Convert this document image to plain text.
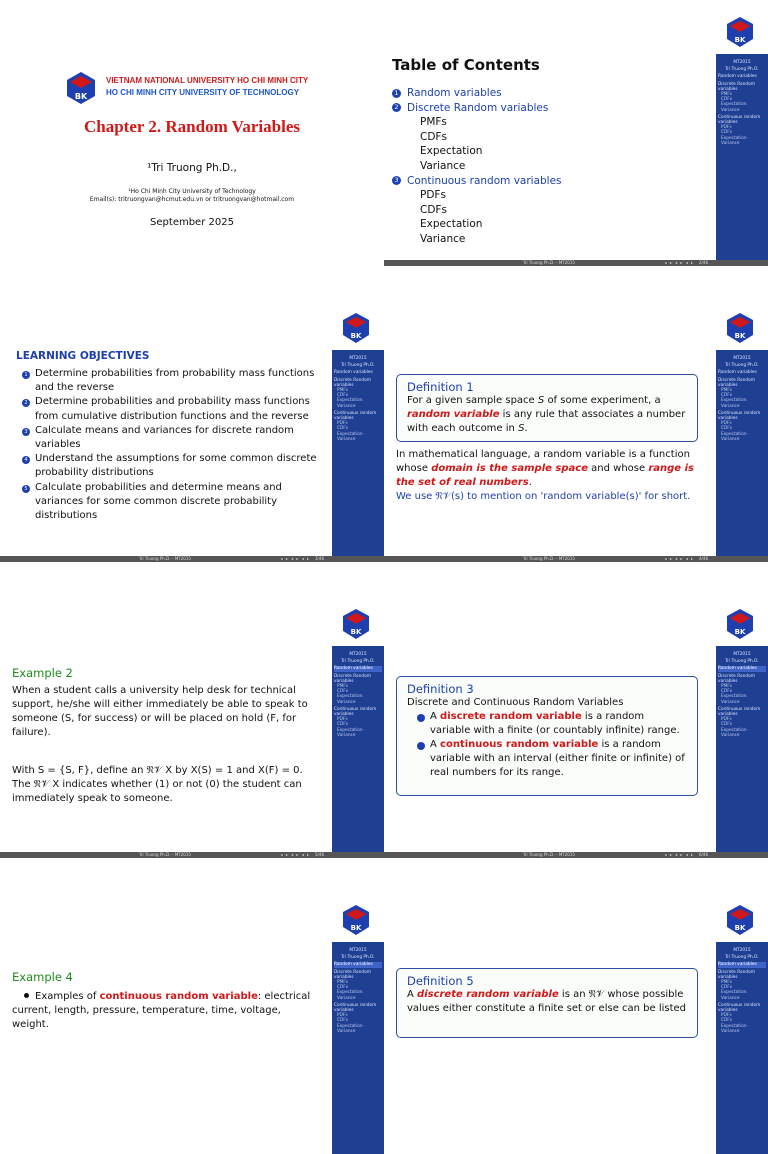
BK
VIETNAM NATIONAL UNIVERSITY HO CHI MINH CITY
HO CHI MINH CITY UNIVERSITY OF TECHNOLOGY
Chapter 2. Random Variables
¹Tri Truong Ph.D.,
¹Ho Chi Minh City University of Technology
Email(s): tritruongvan@hcmut.edu.vn or tritruongvan@hotmail.com
September 2025
Table of Contents
1 Random variables
2 Discrete Random variables
PMFs
CDFs
Expectation
Variance
3 Continuous random variables
PDFs
CDFs
Expectation
Variance
BK
MT2015
Tri Truong Ph.D.
Random variables
Discrete Random variables
PMFs
CDFs
Expectation
Variance
Continuous random variables
PDFs
CDFs
Expectation
Variance
Tri Truong Ph.D. – MT2015	◂ ▸ ◂ ▸ ◂ ▸ 2/46
LEARNING OBJECTIVES
1 Determine probabilities from probability mass functions and the reverse
2 Determine probabilities and probability mass functions from cumulative distribution functions and the reverse
3 Calculate means and variances for discrete random variables
4 Understand the assumptions for some common discrete probability distributions
5 Calculate probabilities and determine means and variances for some common discrete probability distributions
BK
MT2015
Tri Truong Ph.D.
Random variables
Discrete Random variables
PMFs
CDFs
Expectation
Variance
Continuous random variables
PDFs
CDFs
Expectation
Variance
Tri Truong Ph.D. – MT2015	◂ ▸ ◂ ▸ ◂ ▸ 3/46
Definition 1
For a given sample space S of some experiment, a random variable is any rule that associates a number with each outcome in S.
In mathematical language, a random variable is a function whose domain is the sample space and whose range is the set of real numbers.
We use 𝔑𝒱(s) to mention on 'random variable(s)' for short.
BK
MT2015
Tri Truong Ph.D.
Random variables
Discrete Random variables
PMFs
CDFs
Expectation
Variance
Continuous random variables
PDFs
CDFs
Expectation
Variance
Tri Truong Ph.D. – MT2015	◂ ▸ ◂ ▸ ◂ ▸ 4/46
Example 2
When a student calls a university help desk for technical support, he/she will either immediately be able to speak to someone (S, for success) or will be placed on hold (F, for failure).
With S = {S, F}, define an 𝔑𝒱 X by X(S) = 1 and X(F) = 0. The 𝔑𝒱 X indicates whether (1) or not (0) the student can immediately speak to someone.
BK
MT2015
Tri Truong Ph.D.
Random variables
Discrete Random variables
PMFs
CDFs
Expectation
Variance
Continuous random variables
PDFs
CDFs
Expectation
Variance
Tri Truong Ph.D. – MT2015	◂ ▸ ◂ ▸ ◂ ▸ 5/46
Definition 3
Discrete and Continuous Random Variables
A discrete random variable is a random variable with a finite (or countably infinite) range.
A continuous random variable is a random variable with an interval (either finite or infinite) of real numbers for its range.
BK
MT2015
Tri Truong Ph.D.
Random variables
Discrete Random variables
PMFs
CDFs
Expectation
Variance
Continuous random variables
PDFs
CDFs
Expectation
Variance
Tri Truong Ph.D. – MT2015	◂ ▸ ◂ ▸ ◂ ▸ 6/46
Example 4
Examples of continuous random variable: electrical current, length, pressure, temperature, time, voltage, weight.
BK
MT2015
Tri Truong Ph.D.
Random variables
Discrete Random variables
PMFs
CDFs
Expectation
Variance
Continuous random variables
PDFs
CDFs
Expectation
Variance
Definition 5
A discrete random variable is an 𝔑𝒱 whose possible values either constitute a finite set or else can be listed
BK
MT2015
Tri Truong Ph.D.
Random variables
Discrete Random variables
PMFs
CDFs
Expectation
Variance
Continuous random variables
PDFs
CDFs
Expectation
Variance
